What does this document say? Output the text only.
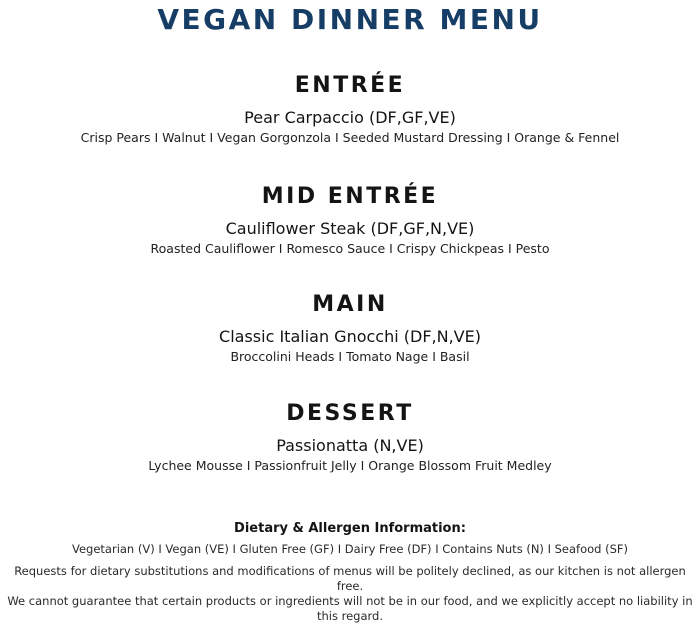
VEGAN DINNER MENU
ENTRÉE

Pear Carpaccio (DF,GF,VE)

Crisp Pears I Walnut I Vegan Gorgonzola I Seeded Mustard Dressing I Orange & Fennel

MID ENTRÉE

Cauliflower Steak (DF,GF,N,VE)

Roasted Cauliflower I Romesco Sauce I Crispy Chickpeas I Pesto

MAIN

Classic Italian Gnocchi (DF,N,VE)

Broccolini Heads I Tomato Nage I Basil

DESSERT

Passionatta (N,VE)

Lychee Mousse I Passionfruit Jelly I Orange Blossom Fruit Medley

Dietary & Allergen Information:

Vegetarian (V) I Vegan (VE) I Gluten Free (GF) I Dairy Free (DF) I Contains Nuts (N) I Seafood (SF)

Requests for dietary substitutions and modifications of menus will be politely declined, as our kitchen is not allergen free.

We cannot guarantee that certain products or ingredients will not be in our food, and we explicitly accept no liability in this regard.
